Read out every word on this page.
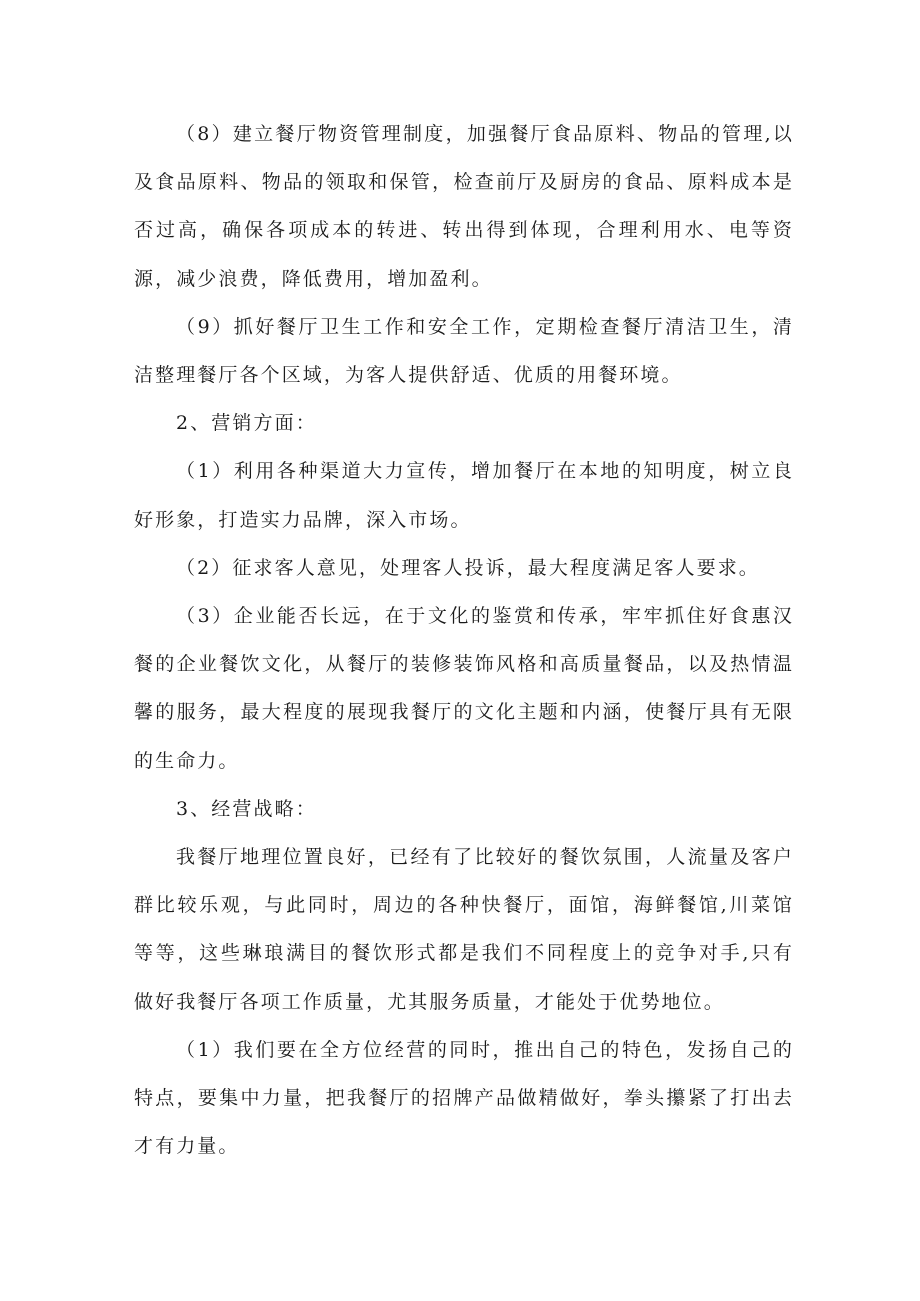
（8）建立餐厅物资管理制度，加强餐厅食品原料、物品的管理,以及食品原料、物品的领取和保管，检查前厅及厨房的食品、原料成本是否过高，确保各项成本的转进、转出得到体现，合理利用水、电等资源，减少浪费，降低费用，增加盈利。

（9）抓好餐厅卫生工作和安全工作，定期检查餐厅清洁卫生，清洁整理餐厅各个区域，为客人提供舒适、优质的用餐环境。

2、营销方面：

（1）利用各种渠道大力宣传，增加餐厅在本地的知明度，树立良好形象，打造实力品牌，深入市场。

（2）征求客人意见，处理客人投诉，最大程度满足客人要求。

（3）企业能否长远，在于文化的鉴赏和传承，牢牢抓住好食惠汉餐的企业餐饮文化，从餐厅的装修装饰风格和高质量餐品，以及热情温馨的服务，最大程度的展现我餐厅的文化主题和内涵，使餐厅具有无限的生命力。

3、经营战略：

我餐厅地理位置良好，已经有了比较好的餐饮氛围，人流量及客户群比较乐观，与此同时，周边的各种快餐厅，面馆，海鲜餐馆,川菜馆等等，这些琳琅满目的餐饮形式都是我们不同程度上的竞争对手,只有做好我餐厅各项工作质量，尤其服务质量，才能处于优势地位。

（1）我们要在全方位经营的同时，推出自己的特色，发扬自己的特点，要集中力量，把我餐厅的招牌产品做精做好，拳头攥紧了打出去才有力量。
